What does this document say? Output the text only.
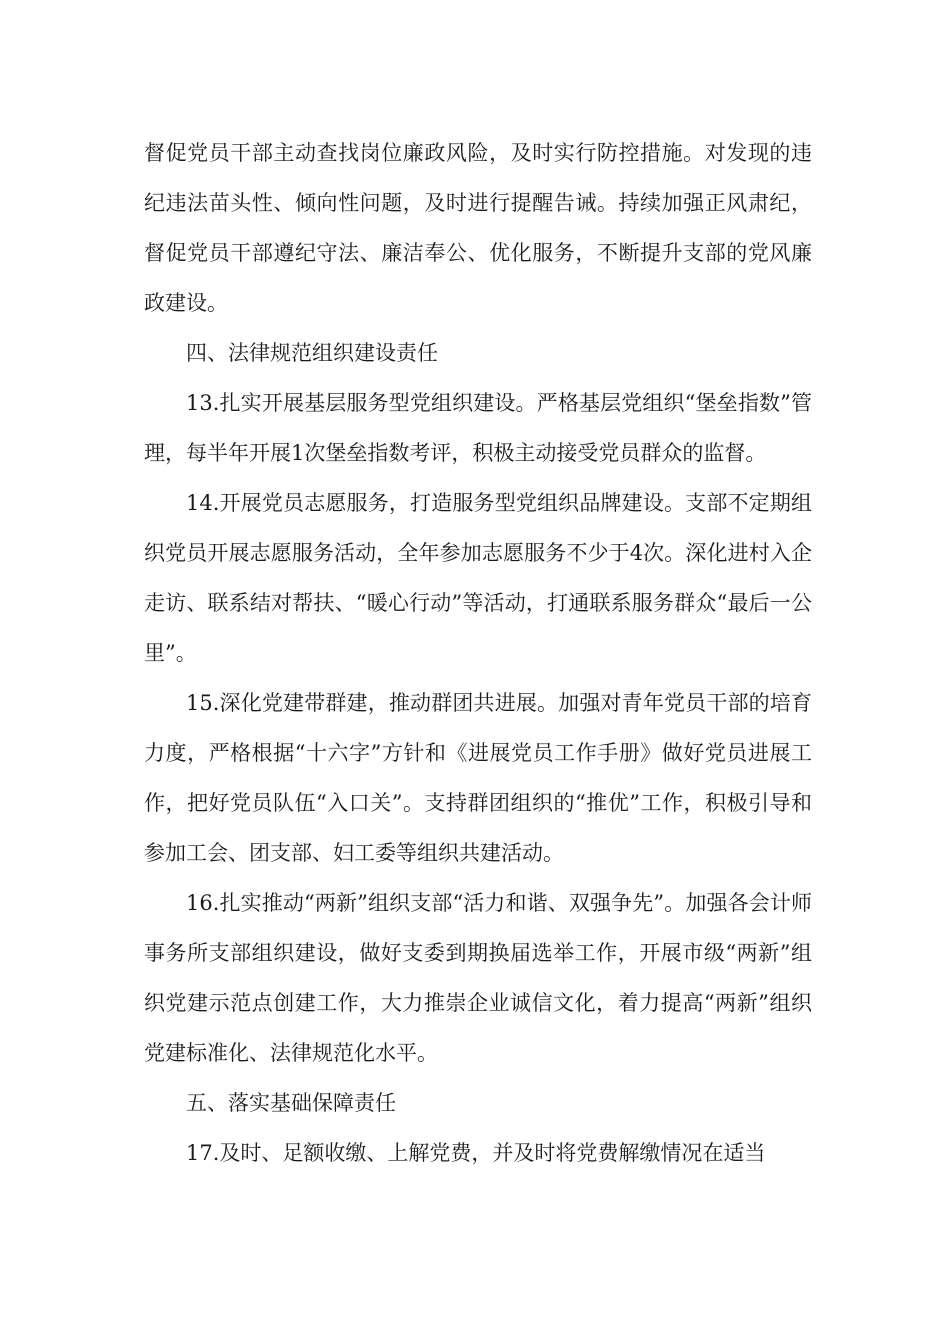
督促党员干部主动查找岗位廉政风险，及时实行防控措施。对发现的违纪违法苗头性、倾向性问题，及时进行提醒告诫。持续加强正风肃纪，督促党员干部遵纪守法、廉洁奉公、优化服务，不断提升支部的党风廉政建设。

四、法律规范组织建设责任

13.扎实开展基层服务型党组织建设。严格基层党组织“堡垒指数”管理，每半年开展1次堡垒指数考评，积极主动接受党员群众的监督。

14.开展党员志愿服务，打造服务型党组织品牌建设。支部不定期组织党员开展志愿服务活动，全年参加志愿服务不少于4次。深化进村入企走访、联系结对帮扶、“暖心行动”等活动，打通联系服务群众“最后一公里”。

15.深化党建带群建，推动群团共进展。加强对青年党员干部的培育力度，严格根据“十六字”方针和《进展党员工作手册》做好党员进展工作，把好党员队伍“入口关”。支持群团组织的“推优”工作，积极引导和参加工会、团支部、妇工委等组织共建活动。

16.扎实推动“两新”组织支部“活力和谐、双强争先”。加强各会计师事务所支部组织建设，做好支委到期换届选举工作，开展市级“两新”组织党建示范点创建工作，大力推崇企业诚信文化，着力提高“两新”组织党建标准化、法律规范化水平。

五、落实基础保障责任

17.及时、足额收缴、上解党费，并及时将党费解缴情况在适当
